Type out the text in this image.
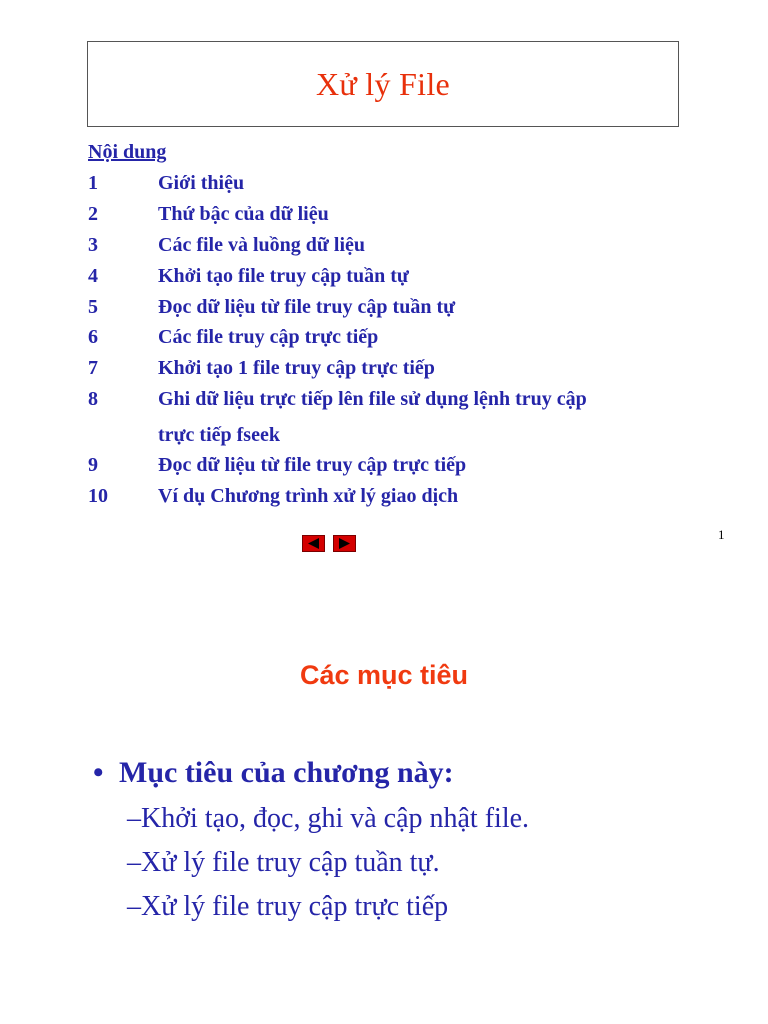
Xử lý File
Nội dung
1	Giới thiệu
2	Thứ bậc của dữ liệu
3	Các file và luồng dữ liệu
4	Khởi tạo file truy cập tuần tự
5	Đọc dữ liệu từ file truy cập tuần tự
6	Các file truy cập trực tiếp
7	Khởi tạo 1 file truy cập trực tiếp
8	Ghi dữ liệu trực tiếp lên file sử dụng lệnh truy cập
trực tiếp fseek
9	Đọc dữ liệu từ file truy cập trực tiếp
10	Ví dụ Chương trình xử lý giao dịch
1
Các mục tiêu
• Mục tiêu của chương này:
–Khởi tạo, đọc, ghi và cập nhật file.
–Xử lý file truy cập tuần tự.
–Xử lý file truy cập trực tiếp
